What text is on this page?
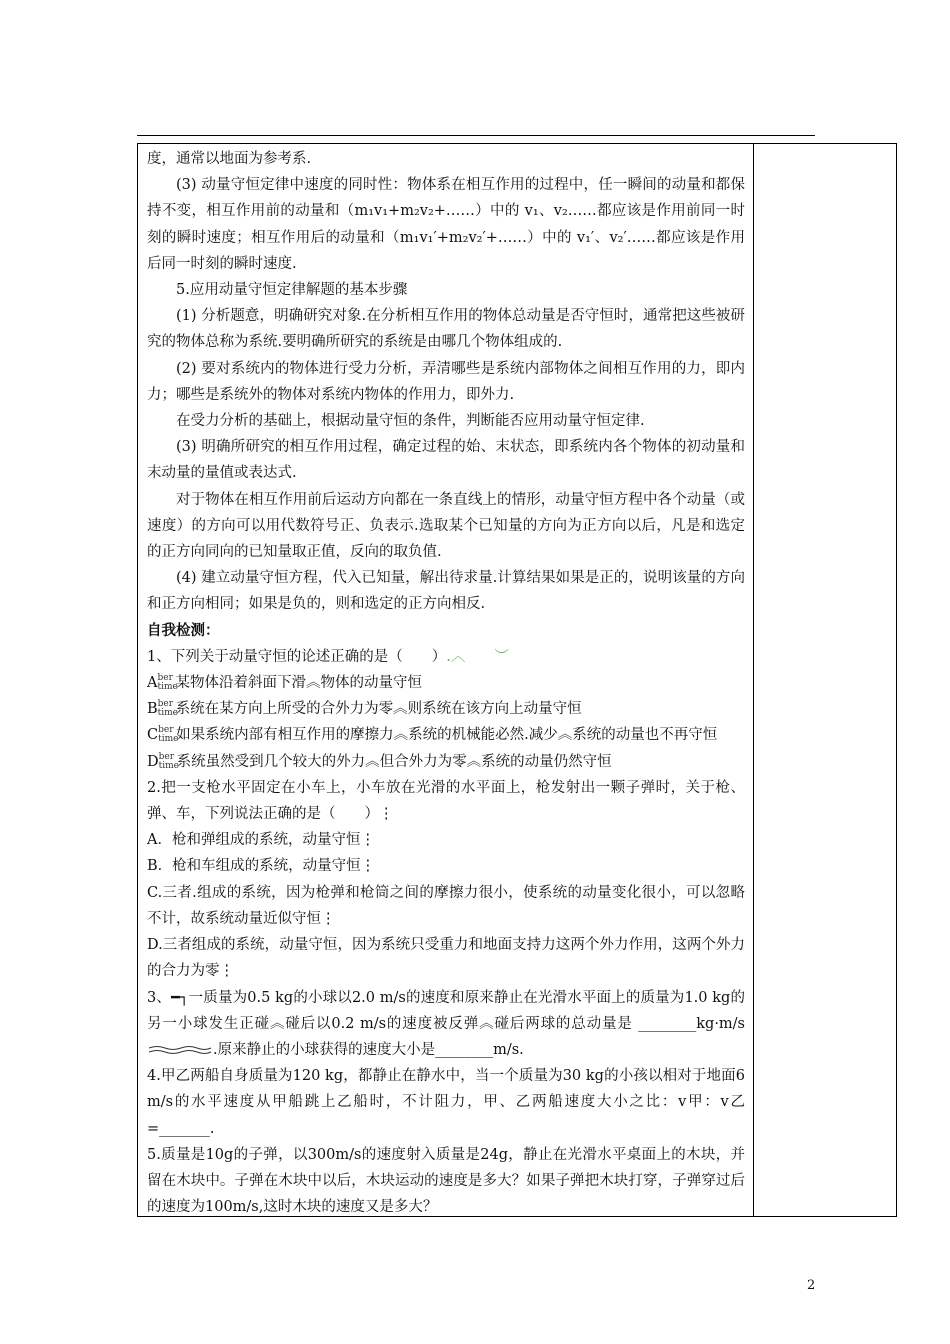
度，通常以地面为参考系.

(3) 动量守恒定律中速度的同时性：物体系在相互作用的过程中，任一瞬间的动量和都保持不变，相互作用前的动量和（m₁v₁+m₂v₂+……）中的 v₁、v₂……都应该是作用前同一时刻的瞬时速度；相互作用后的动量和（m₁v₁′+m₂v₂′+……）中的 v₁′、v₂′……都应该是作用后同一时刻的瞬时速度.

5.应用动量守恒定律解题的基本步骤

(1) 分析题意，明确研究对象.在分析相互作用的物体总动量是否守恒时，通常把这些被研究的物体总称为系统.要明确所研究的系统是由哪几个物体组成的.

(2) 要对系统内的物体进行受力分析，弄清哪些是系统内部物体之间相互作用的力，即内力；哪些是系统外的物体对系统内物体的作用力，即外力.

在受力分析的基础上，根据动量守恒的条件，判断能否应用动量守恒定律.

(3) 明确所研究的相互作用过程，确定过程的始、末状态，即系统内各个物体的初动量和末动量的量值或表达式.

对于物体在相互作用前后运动方向都在一条直线上的情形，动量守恒方程中各个动量（或速度）的方向可以用代数符号正、负表示.选取某个已知量的方向为正方向以后，凡是和选定的正方向同向的已知量取正值，反向的取负值.

(4) 建立动量守恒方程，代入已知量，解出待求量.计算结果如果是正的，说明该量的方向和正方向相同；如果是负的，则和选定的正方向相反.

自我检测：

1、下列关于动量守恒的论述正确的是（　　）.︿　　︶

A ber
time
某物体沿着斜面下滑︽物体的动量守恒

B ber
time
系统在某方向上所受的合外力为零︽则系统在该方向上动量守恒

C ber
time
如果系统内部有相互作用的摩擦力︽系统的机械能必然.减少︽系统的动量也不再守恒

D ber
time
系统虽然受到几个较大的外力︽但合外力为零︽系统的动量仍然守恒

2.把一支枪水平固定在小车上，小车放在光滑的水平面上，枪发射出一颗子弹时，关于枪、弹、车，下列说法正确的是（　　）⋮

A．枪和弹组成的系统，动量守恒⋮

B．枪和车组成的系统，动量守恒⋮

C.三者.组成的系统，因为枪弹和枪筒之间的摩擦力很小，使系统的动量变化很小，可以忽略不计，故系统动量近似守恒⋮

D.三者组成的系统，动量守恒，因为系统只受重力和地面支持力这两个外力作用，这两个外力的合力为零⋮

3、━┐一质量为0.5 kg的小球以2.0 m/s的速度和原来静止在光滑水平面上的质量为1.0 kg的另一小球发生正碰︽碰后以0.2 m/s的速度被反弹︽碰后两球的总动量是 ________kg·m/s.原来静止的小球获得的速度大小是________m/s.

4.甲乙两船自身质量为120 kg，都静止在静水中，当一个质量为30 kg的小孩以相对于地面6 m/s的水平速度从甲船跳上乙船时，不计阻力，甲、乙两船速度大小之比：v甲：v乙=_______.

5.质量是10g的子弹，以300m/s的速度射入质量是24g，静止在光滑水平桌面上的木块，并留在木块中。子弹在木块中以后，木块运动的速度是多大？如果子弹把木块打穿，子弹穿过后的速度为100m/s,这时木块的速度又是多大？

2
